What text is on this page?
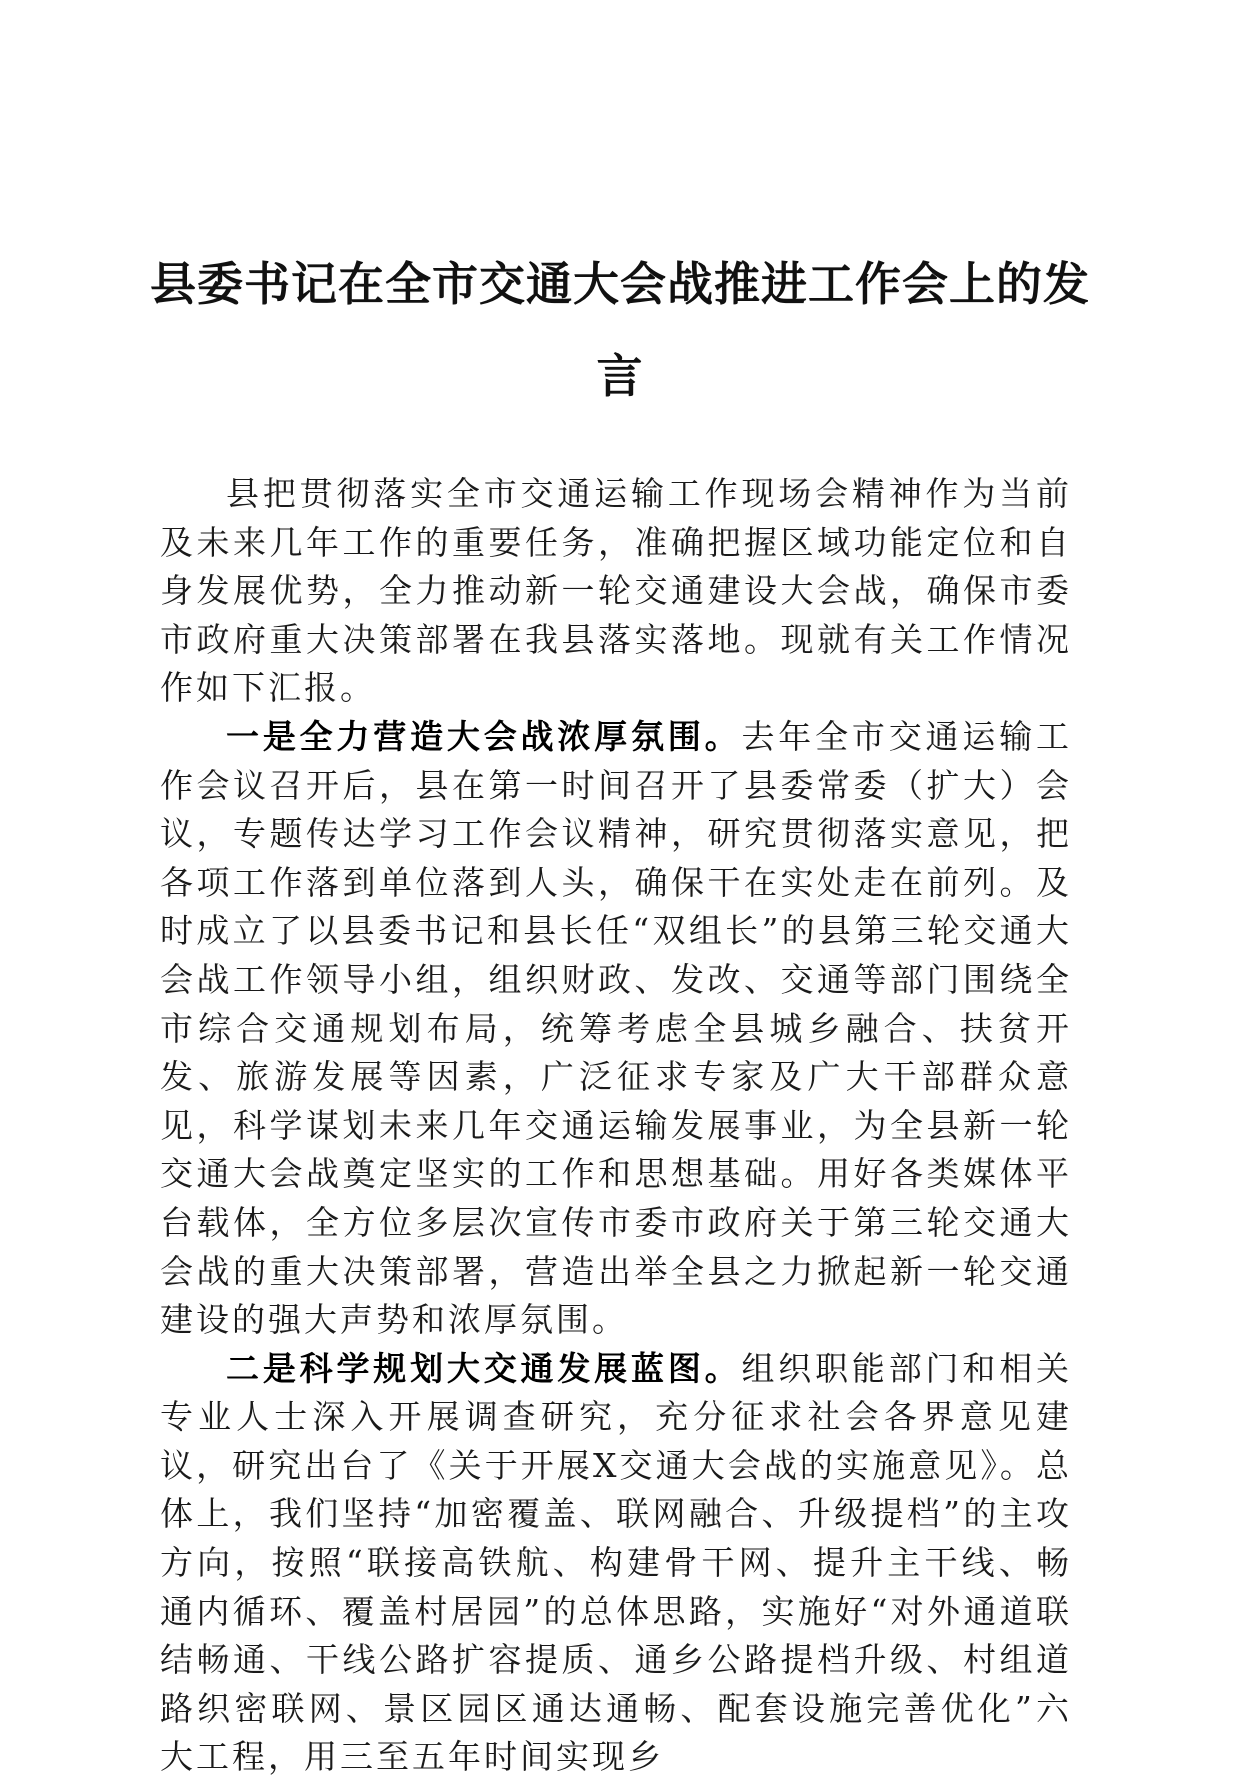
县委书记在全市交通大会战推进工作会上的发言

县把贯彻落实全市交通运输工作现场会精神作为当前及未来几年工作的重要任务，准确把握区域功能定位和自身发展优势，全力推动新一轮交通建设大会战，确保市委市政府重大决策部署在我县落实落地。现就有关工作情况作如下汇报。

一是全力营造大会战浓厚氛围。去年全市交通运输工作会议召开后，县在第一时间召开了县委常委（扩大）会议，专题传达学习工作会议精神，研究贯彻落实意见，把各项工作落到单位落到人头，确保干在实处走在前列。及时成立了以县委书记和县长任“双组长”的县第三轮交通大会战工作领导小组，组织财政、发改、交通等部门围绕全市综合交通规划布局，统筹考虑全县城乡融合、扶贫开发、旅游发展等因素，广泛征求专家及广大干部群众意见，科学谋划未来几年交通运输发展事业，为全县新一轮交通大会战奠定坚实的工作和思想基础。用好各类媒体平台载体，全方位多层次宣传市委市政府关于第三轮交通大会战的重大决策部署，营造出举全县之力掀起新一轮交通建设的强大声势和浓厚氛围。

二是科学规划大交通发展蓝图。组织职能部门和相关专业人士深入开展调查研究，充分征求社会各界意见建议，研究出台了《关于开展X交通大会战的实施意见》。总体上，我们坚持“加密覆盖、联网融合、升级提档”的主攻方向，按照“联接高铁航、构建骨干网、提升主干线、畅通内循环、覆盖村居园”的总体思路，实施好“对外通道联结畅通、干线公路扩容提质、通乡公路提档升级、村组道路织密联网、景区园区通达通畅、配套设施完善优化”六大工程，用三至五年时间实现乡
